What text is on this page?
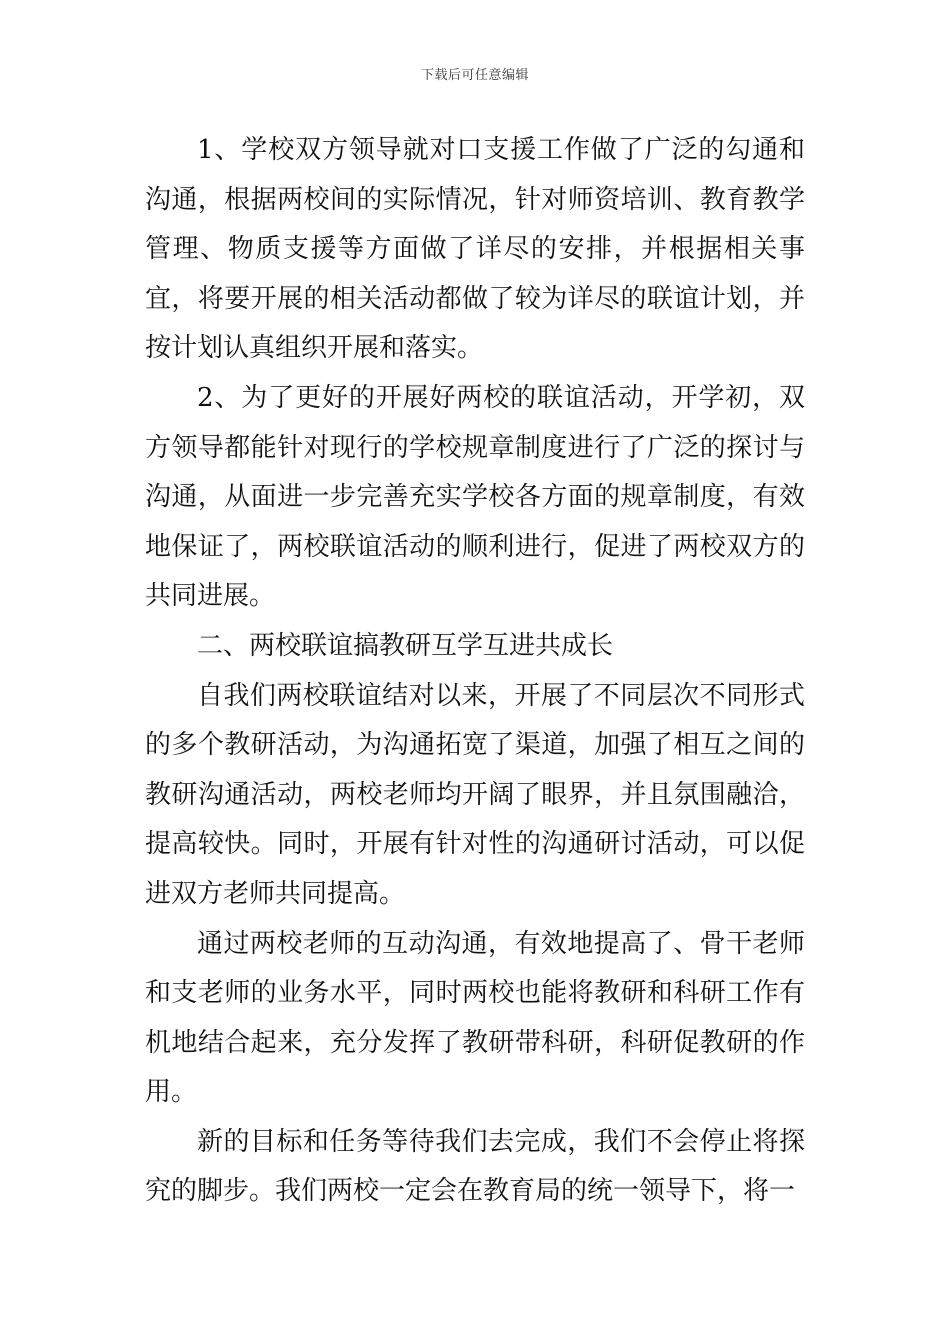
下载后可任意编辑

1、学校双方领导就对口支援工作做了广泛的勾通和沟通，根据两校间的实际情况，针对师资培训、教育教学管理、物质支援等方面做了详尽的安排，并根据相关事宜，将要开展的相关活动都做了较为详尽的联谊计划，并按计划认真组织开展和落实。

2、为了更好的开展好两校的联谊活动，开学初，双方领导都能针对现行的学校规章制度进行了广泛的探讨与沟通，从面进一步完善充实学校各方面的规章制度，有效地保证了，两校联谊活动的顺利进行，促进了两校双方的共同进展。

二、两校联谊搞教研互学互进共成长

自我们两校联谊结对以来，开展了不同层次不同形式的多个教研活动，为沟通拓宽了渠道，加强了相互之间的教研沟通活动，两校老师均开阔了眼界，并且氛围融洽，提高较快。同时，开展有针对性的沟通研讨活动，可以促进双方老师共同提高。

通过两校老师的互动沟通，有效地提高了、骨干老师和支老师的业务水平，同时两校也能将教研和科研工作有机地结合起来，充分发挥了教研带科研，科研促教研的作用。

新的目标和任务等待我们去完成，我们不会停止将探究的脚步。我们两校一定会在教育局的统一领导下，将一
